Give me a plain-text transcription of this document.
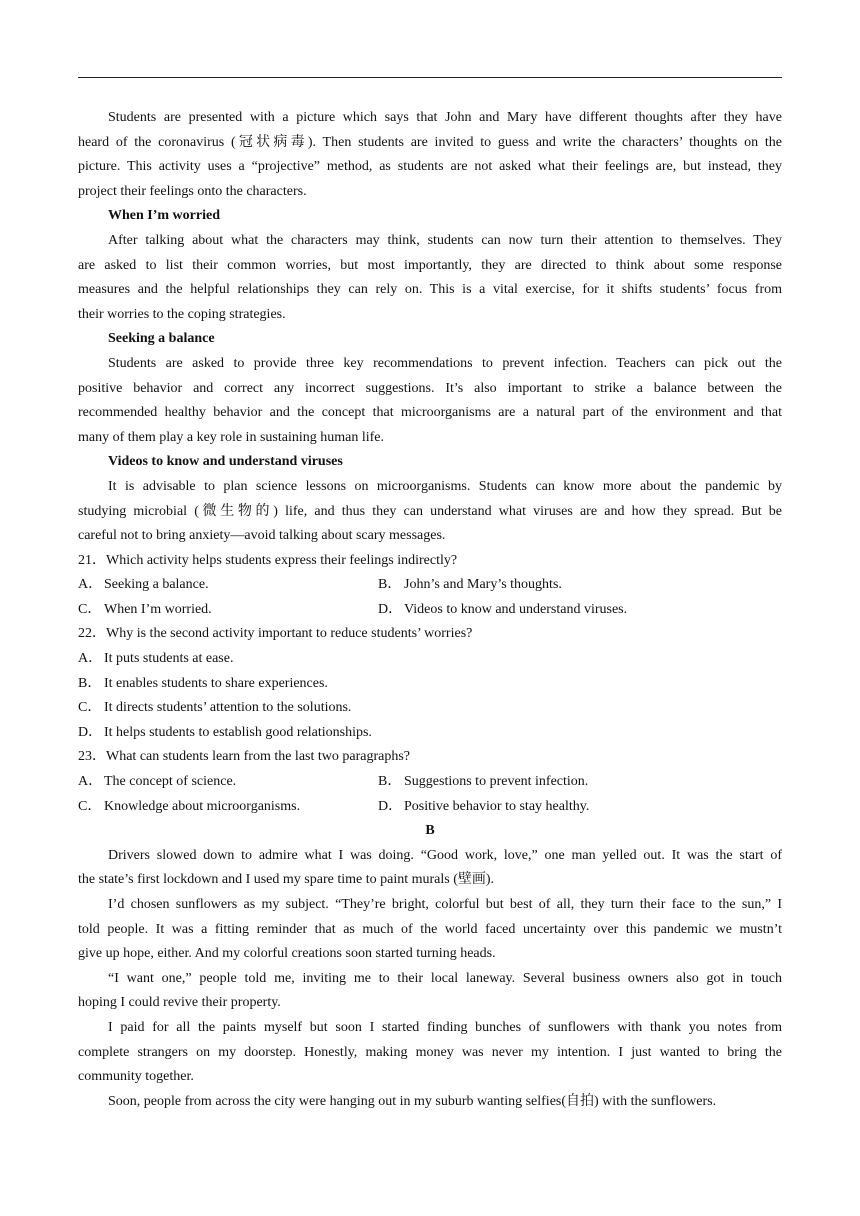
Students are presented with a picture which says that John and Mary have different thoughts after they have
heard of the coronavirus (冠状病毒). Then students are invited to guess and write the characters’ thoughts on the
picture. This activity uses a “projective” method, as students are not asked what their feelings are, but instead, they
project their feelings onto the characters.
When I’m worried
After talking about what the characters may think, students can now turn their attention to themselves. They
are asked to list their common worries, but most importantly, they are directed to think about some response
measures and the helpful relationships they can rely on. This is a vital exercise, for it shifts students’ focus from
their worries to the coping strategies.
Seeking a balance
Students are asked to provide three key recommendations to prevent infection. Teachers can pick out the
positive behavior and correct any incorrect suggestions. It’s also important to strike a balance between the
recommended healthy behavior and the concept that microorganisms are a natural part of the environment and that
many of them play a key role in sustaining human life.
Videos to know and understand viruses
It is advisable to plan science lessons on microorganisms. Students can know more about the pandemic by
studying microbial (微生物的) life, and thus they can understand what viruses are and how they spread. But be
careful not to bring anxiety—avoid talking about scary messages.
21．Which activity helps students express their feelings indirectly?
A． Seeking a balance.	B． John’s and Mary’s thoughts.
C． When I’m worried.	D． Videos to know and understand viruses.
22．Why is the second activity important to reduce students’ worries?
A． It puts students at ease.
B． It enables students to share experiences.
C． It directs students’ attention to the solutions.
D． It helps students to establish good relationships.
23．What can students learn from the last two paragraphs?
A． The concept of science.	B． Suggestions to prevent infection.
C． Knowledge about microorganisms.	D． Positive behavior to stay healthy.
B
Drivers slowed down to admire what I was doing. “Good work, love,” one man yelled out. It was the start of
the state’s first lockdown and I used my spare time to paint murals (壁画).
I’d chosen sunflowers as my subject. “They’re bright, colorful but best of all, they turn their face to the sun,” I
told people. It was a fitting reminder that as much of the world faced uncertainty over this pandemic we mustn’t
give up hope, either. And my colorful creations soon started turning heads.
“I want one,” people told me, inviting me to their local laneway. Several business owners also got in touch
hoping I could revive their property.
I paid for all the paints myself but soon I started finding bunches of sunflowers with thank you notes from
complete strangers on my doorstep. Honestly, making money was never my intention. I just wanted to bring the
community together.
Soon, people from across the city were hanging out in my suburb wanting selfies(自拍) with the sunflowers.
